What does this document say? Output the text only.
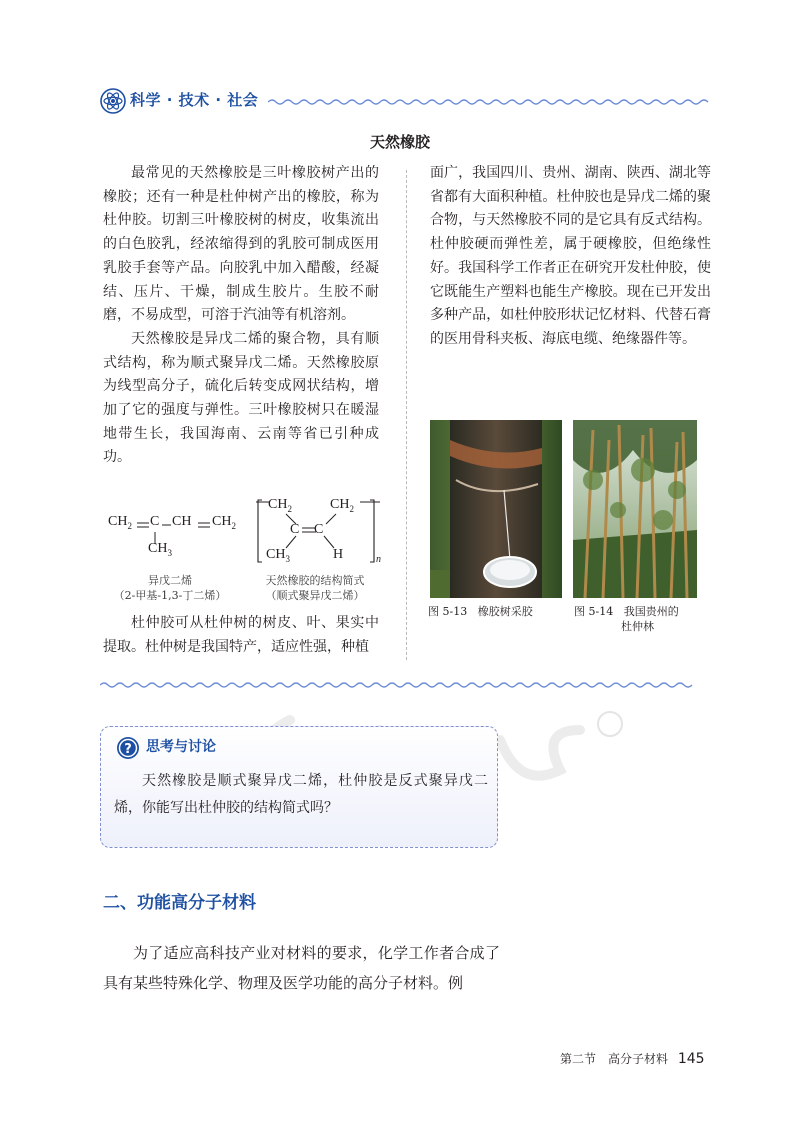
科学 · 技术 · 社会
天然橡胶

最常见的天然橡胶是三叶橡胶树产出的橡胶；还有一种是杜仲树产出的橡胶，称为杜仲胶。切割三叶橡胶树的树皮，收集流出的白色胶乳，经浓缩得到的乳胶可制成医用乳胶手套等产品。向胶乳中加入醋酸，经凝结、压片、干燥，制成生胶片。生胶不耐磨，不易成型，可溶于汽油等有机溶剂。

天然橡胶是异戊二烯的聚合物，具有顺式结构，称为顺式聚异戊二烯。天然橡胶原为线型高分子，硫化后转变成网状结构，增加了它的强度与弹性。三叶橡胶树只在暖湿地带生长，我国海南、云南等省已引种成功。

$CH_2$ C CH $CH_2$
$CH_3$
异戊二烯
（2-甲基-1,3-丁二烯）
$CH_2$	$CH_2$
C C
$CH_3$	H	n
天然橡胶的结构简式
（顺式聚异戊二烯）

杜仲胶可从杜仲树的树皮、叶、果实中提取。杜仲树是我国特产，适应性强，种植

面广，我国四川、贵州、湖南、陕西、湖北等省都有大面积种植。杜仲胶也是异戊二烯的聚合物，与天然橡胶不同的是它具有反式结构。杜仲胶硬而弹性差，属于硬橡胶，但绝缘性好。我国科学工作者正在研究开发杜仲胶，使它既能生产塑料也能生产橡胶。现在已开发出多种产品，如杜仲胶形状记忆材料、代替石膏的医用骨科夹板、海底电缆、绝缘器件等。

图 5-13 橡胶树采胶	图 5-14 我国贵州的
杜仲林
? 思考与讨论

天然橡胶是顺式聚异戊二烯，杜仲胶是反式聚异戊二烯，你能写出杜仲胶的结构简式吗？

二、功能高分子材料

为了适应高科技产业对材料的要求，化学工作者合成了具有某些特殊化学、物理及医学功能的高分子材料。例

第二节　高分子材料 145
